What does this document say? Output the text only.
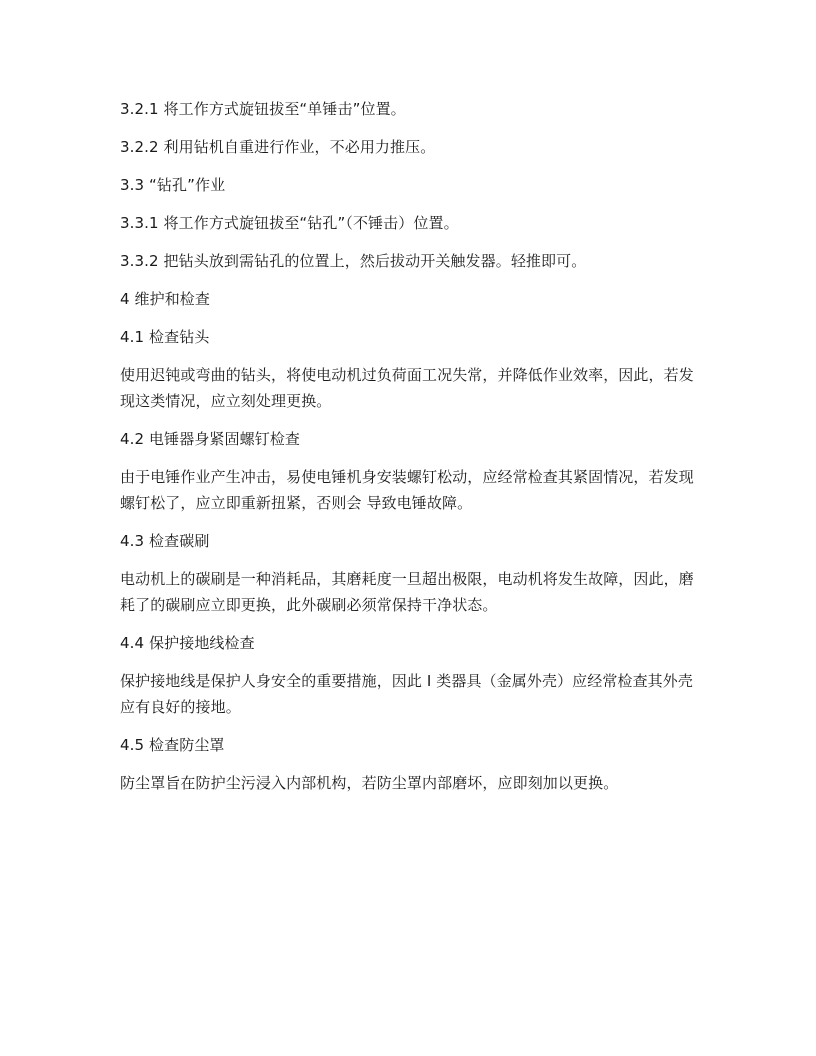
3.2.1 将工作方式旋钮拔至“单锤击”位置。

3.2.2 利用钻机自重进行作业，不必用力推压。

3.3 “钻孔”作业

3.3.1 将工作方式旋钮拔至“钻孔”（不锤击）位置。

3.3.2 把钻头放到需钻孔的位置上，然后拔动开关触发器。轻推即可。

4 维护和检查

4.1 检查钻头

使用迟钝或弯曲的钻头，将使电动机过负荷面工况失常，并降低作业效率，因此，若发现这类情况，应立刻处理更换。

4.2 电锤器身紧固螺钉检查

由于电锤作业产生冲击，易使电锤机身安装螺钉松动，应经常检查其紧固情况，若发现螺钉松了，应立即重新扭紧，否则会 导致电锤故障。

4.3 检查碳刷

电动机上的碳刷是一种消耗品，其磨耗度一旦超出极限，电动机将发生故障，因此，磨耗了的碳刷应立即更换，此外碳刷必须常保持干净状态。

4.4 保护接地线检查

保护接地线是保护人身安全的重要措施，因此 I 类器具（金属外壳）应经常检查其外壳应有良好的接地。

4.5 检查防尘罩

防尘罩旨在防护尘污浸入内部机构，若防尘罩内部磨坏，应即刻加以更换。
